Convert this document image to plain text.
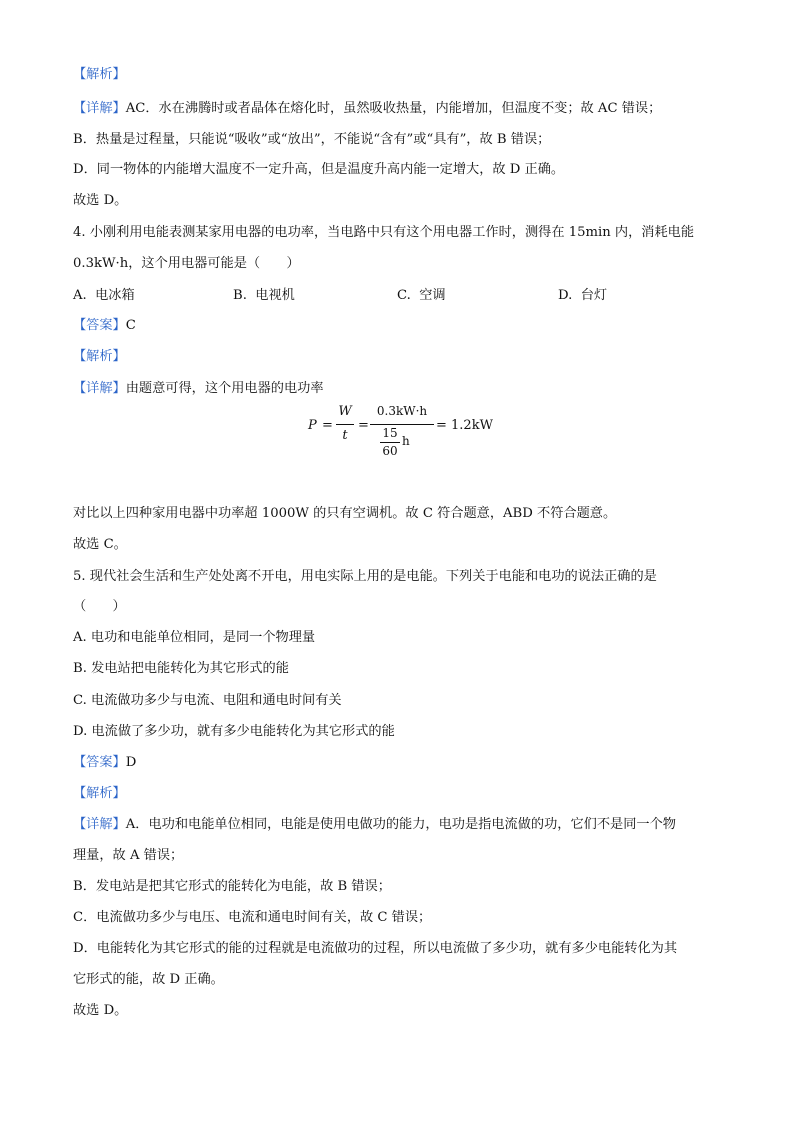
【解析】
【详解】AC．水在沸腾时或者晶体在熔化时，虽然吸收热量，内能增加，但温度不变；故 AC 错误；
B．热量是过程量，只能说“吸收”或“放出”，不能说“含有”或“具有”，故 B 错误；
D．同一物体的内能增大温度不一定升高，但是温度升高内能一定增大，故 D 正确。
故选 D。
4. 小刚利用电能表测某家用电器的电功率，当电路中只有这个用电器工作时，测得在 15min 内，消耗电能
0.3kW·h，这个用电器可能是（　　）
A. 电冰箱	B. 电视机	C. 空调	D. 台灯
【答案】C
【解析】
【详解】由题意可得，这个用电器的电功率
P =
W
t
=
0.3kW·h
15
60
h
= 1.2kW
对比以上四种家用电器中功率超 1000W 的只有空调机。故 C 符合题意，ABD 不符合题意。
故选 C。
5. 现代社会生活和生产处处离不开电，用电实际上用的是电能。下列关于电能和电功的说法正确的是
（　　）
A. 电功和电能单位相同，是同一个物理量
B. 发电站把电能转化为其它形式的能
C. 电流做功多少与电流、电阻和通电时间有关
D. 电流做了多少功，就有多少电能转化为其它形式的能
【答案】D
【解析】
【详解】A．电功和电能单位相同，电能是使用电做功的能力，电功是指电流做的功，它们不是同一个物
理量，故 A 错误；
B．发电站是把其它形式的能转化为电能，故 B 错误；
C．电流做功多少与电压、电流和通电时间有关，故 C 错误；
D．电能转化为其它形式的能的过程就是电流做功的过程，所以电流做了多少功，就有多少电能转化为其
它形式的能，故 D 正确。
故选 D。
